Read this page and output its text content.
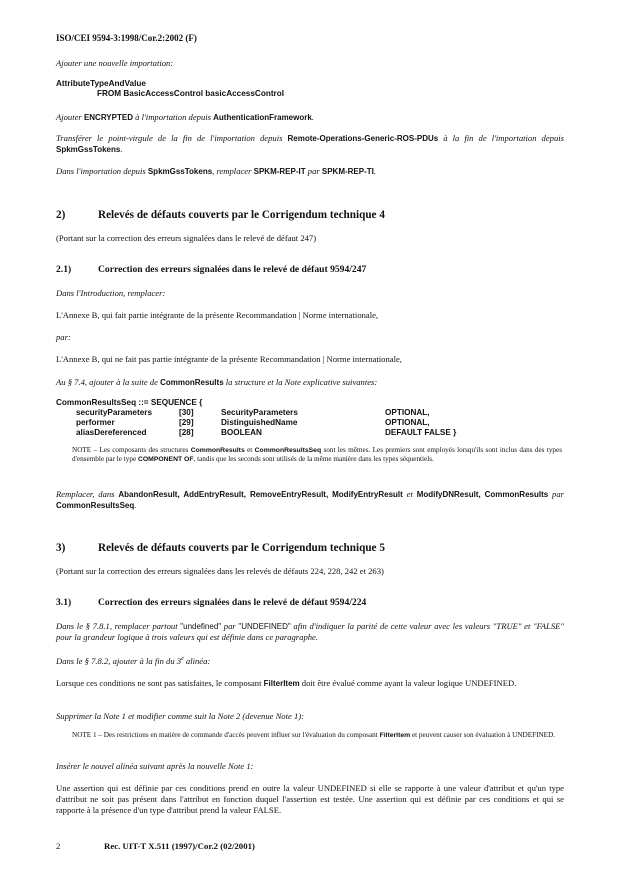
ISO/CEI 9594-3:1998/Cor.2:2002 (F)
Ajouter une nouvelle importation:
AttributeTypeAndValue
FROM BasicAccessControl basicAccessControl
Ajouter ENCRYPTED à l'importation depuis AuthenticationFramework.
Transférer le point-virgule de la fin de l'importation depuis Remote-Operations-Generic-ROS-PDUs à la fin de l'importation depuis SpkmGssTokens.
Dans l'importation depuis SpkmGssTokens, remplacer SPKM-REP-IT par SPKM-REP-TI.
2)	Relevés de défauts couverts par le Corrigendum technique 4
(Portant sur la correction des erreurs signalées dans le relevé de défaut 247)
2.1)	Correction des erreurs signalées dans le relevé de défaut 9594/247
Dans l'Introduction, remplacer:
L'Annexe B, qui fait partie intégrante de la présente Recommandation | Norme internationale,
par:
L'Annexe B, qui ne fait pas partie intégrante de la présente Recommandation | Norme internationale,
Au § 7.4, ajouter à la suite de CommonResults la structure et la Note explicative suivantes:
CommonResultsSeq ::= SEQUENCE {
securityParameters	[30]	SecurityParameters	OPTIONAL,
performer	[29]	DistinguishedName	OPTIONAL,
aliasDereferenced	[28]	BOOLEAN	DEFAULT FALSE }
NOTE – Les composants des structures CommonResults et CommonResultsSeq sont les mêmes. Les premiers sont employés lorsqu'ils sont inclus dans des types d'ensemble par le type COMPONENT OF, tandis que les seconds sont utilisés de la même manière dans les types séquentiels.
Remplacer, dans AbandonResult, AddEntryResult, RemoveEntryResult, ModifyEntryResult et ModifyDNResult, CommonResults par CommonResultsSeq.
3)	Relevés de défauts couverts par le Corrigendum technique 5
(Portant sur la correction des erreurs signalées dans les relevés de défauts 224, 228, 242 et 263)
3.1)	Correction des erreurs signalées dans le relevé de défaut 9594/224
Dans le § 7.8.1, remplacer partout "undefined" par "UNDEFINED" afin d'indiquer la parité de cette valeur avec les valeurs "TRUE" et "FALSE" pour la grandeur logique à trois valeurs qui est définie dans ce paragraphe.
Dans le § 7.8.2, ajouter à la fin du 3e alinéa:
Lorsque ces conditions ne sont pas satisfaites, le composant FilterItem doit être évalué comme ayant la valeur logique UNDEFINED.
Supprimer la Note 1 et modifier comme suit la Note 2 (devenue Note 1):
NOTE 1 – Des restrictions en matière de commande d'accès peuvent influer sur l'évaluation du composant FilterItem et peuvent causer son évaluation à UNDEFINED.
Insérer le nouvel alinéa suivant après la nouvelle Note 1:
Une assertion qui est définie par ces conditions prend en outre la valeur UNDEFINED si elle se rapporte à une valeur d'attribut et qu'un type d'attribut ne soit pas présent dans l'attribut en fonction duquel l'assertion est testée. Une assertion qui est définie par ces conditions et qui se rapporte à la présence d'un type d'attribut prend la valeur FALSE.
2	Rec. UIT-T X.511 (1997)/Cor.2 (02/2001)
